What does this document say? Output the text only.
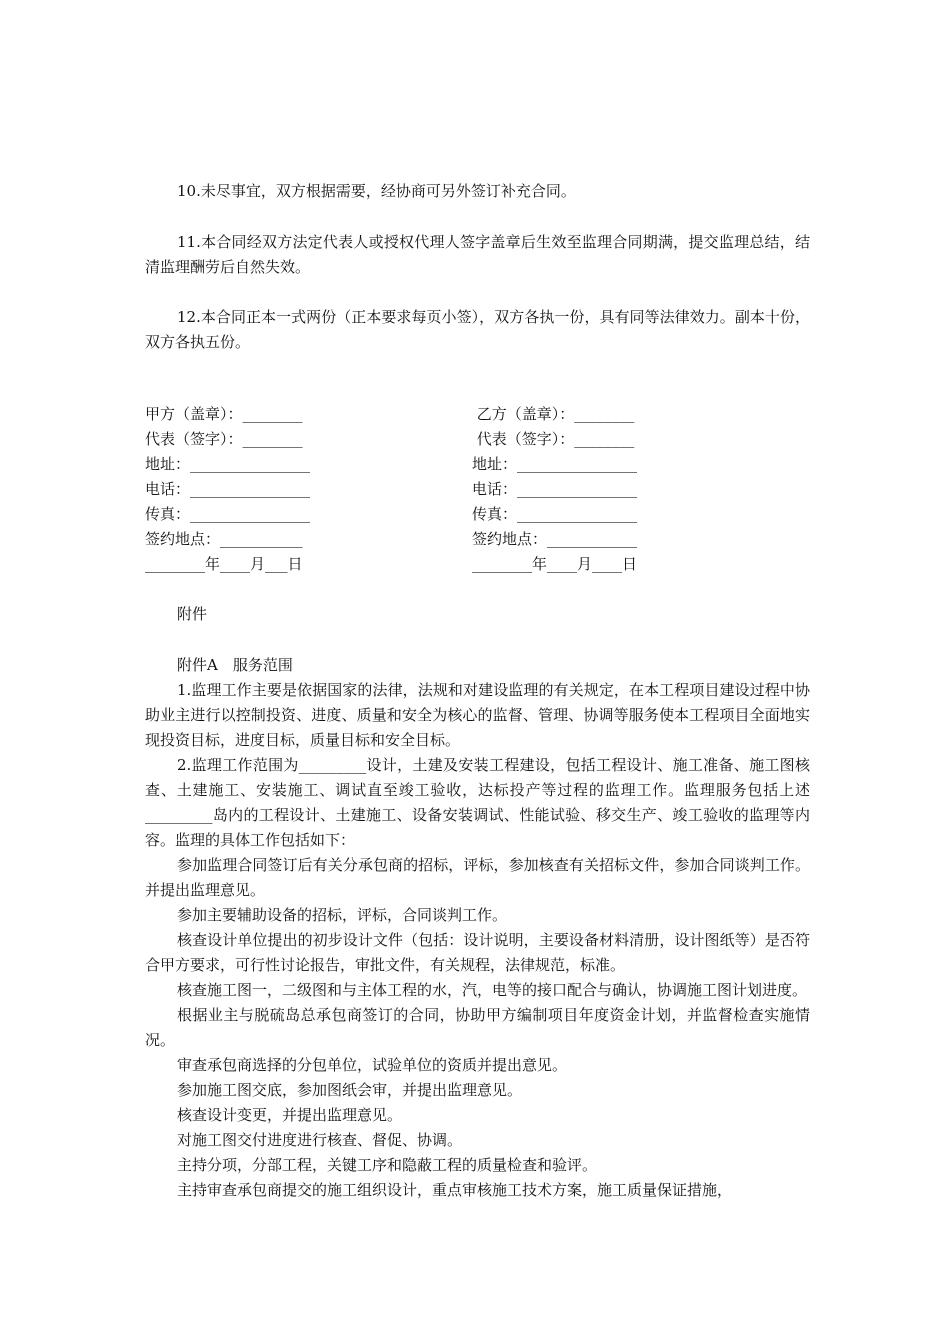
10.未尽事宜，双方根据需要，经协商可另外签订补充合同。
11.本合同经双方法定代表人或授权代理人签字盖章后生效至监理合同期满，提交监理总结，结清监理酬劳后自然失效。
12.本合同正本一式两份（正本要求每页小签），双方各执一份，具有同等法律效力。副本十份，双方各执五份。
甲方（盖章）：________
代表（签字）：________
地址：________________
电话：________________
传真：________________
签约地点：___________
________年____月___日
乙方（盖章）：________
代表（签字）：________
地址：________________
电话：________________
传真：________________
签约地点：____________
________年____月____日
附件
附件A　服务范围
1.监理工作主要是依据国家的法律，法规和对建设监理的有关规定，在本工程项目建设过程中协助业主进行以控制投资、进度、质量和安全为核心的监督、管理、协调等服务使本工程项目全面地实现投资目标，进度目标，质量目标和安全目标。
2.监理工作范围为_________设计，土建及安装工程建设，包括工程设计、施工准备、施工图核查、土建施工、安装施工、调试直至竣工验收，达标投产等过程的监理工作。监理服务包括上述_________岛内的工程设计、土建施工、设备安装调试、性能试验、移交生产、竣工验收的监理等内容。监理的具体工作包括如下：
参加监理合同签订后有关分承包商的招标，评标，参加核查有关招标文件，参加合同谈判工作。并提出监理意见。
参加主要辅助设备的招标，评标，合同谈判工作。
核查设计单位提出的初步设计文件（包括：设计说明，主要设备材料清册，设计图纸等）是否符合甲方要求，可行性讨论报告，审批文件，有关规程，法律规范，标准。
核查施工图一，二级图和与主体工程的水，汽，电等的接口配合与确认，协调施工图计划进度。
根据业主与脱硫岛总承包商签订的合同，协助甲方编制项目年度资金计划，并监督检查实施情况。
审查承包商选择的分包单位，试验单位的资质并提出意见。
参加施工图交底，参加图纸会审，并提出监理意见。
核查设计变更，并提出监理意见。
对施工图交付进度进行核查、督促、协调。
主持分项，分部工程，关键工序和隐蔽工程的质量检查和验评。
主持审查承包商提交的施工组织设计，重点审核施工技术方案，施工质量保证措施，
